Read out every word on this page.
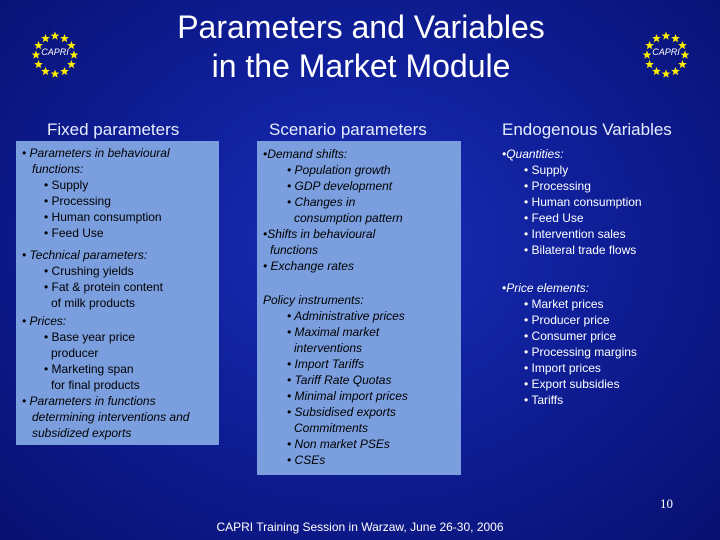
CAPRI	CAPRI
Parameters and Variables
in the Market Module
Fixed parameters	Scenario parameters	Endogenous Variables
• Parameters in behavioural
functions:
• Supply
• Processing
• Human consumption
• Feed Use
• Technical parameters:
• Crushing yields
• Fat & protein content
of milk products
• Prices:
• Base year price
producer
• Marketing span
for final products
• Parameters in functions
determining interventions and
subsidized exports
•Demand shifts:
• Population growth
• GDP development
• Changes in
consumption pattern
•Shifts in behavioural
functions
• Exchange rates
Policy instruments:
• Administrative prices
• Maximal market
interventions
• Import Tariffs
• Tariff Rate Quotas
• Minimal import prices
• Subsidised exports
Commitments
• Non market PSEs
• CSEs
•Quantities:
• Supply
• Processing
• Human consumption
• Feed Use
• Intervention sales
• Bilateral trade flows
•Price elements:
• Market prices
• Producer price
• Consumer price
• Processing margins
• Import prices
• Export subsidies
• Tariffs
10
CAPRI Training Session in Warzaw, June 26-30, 2006
